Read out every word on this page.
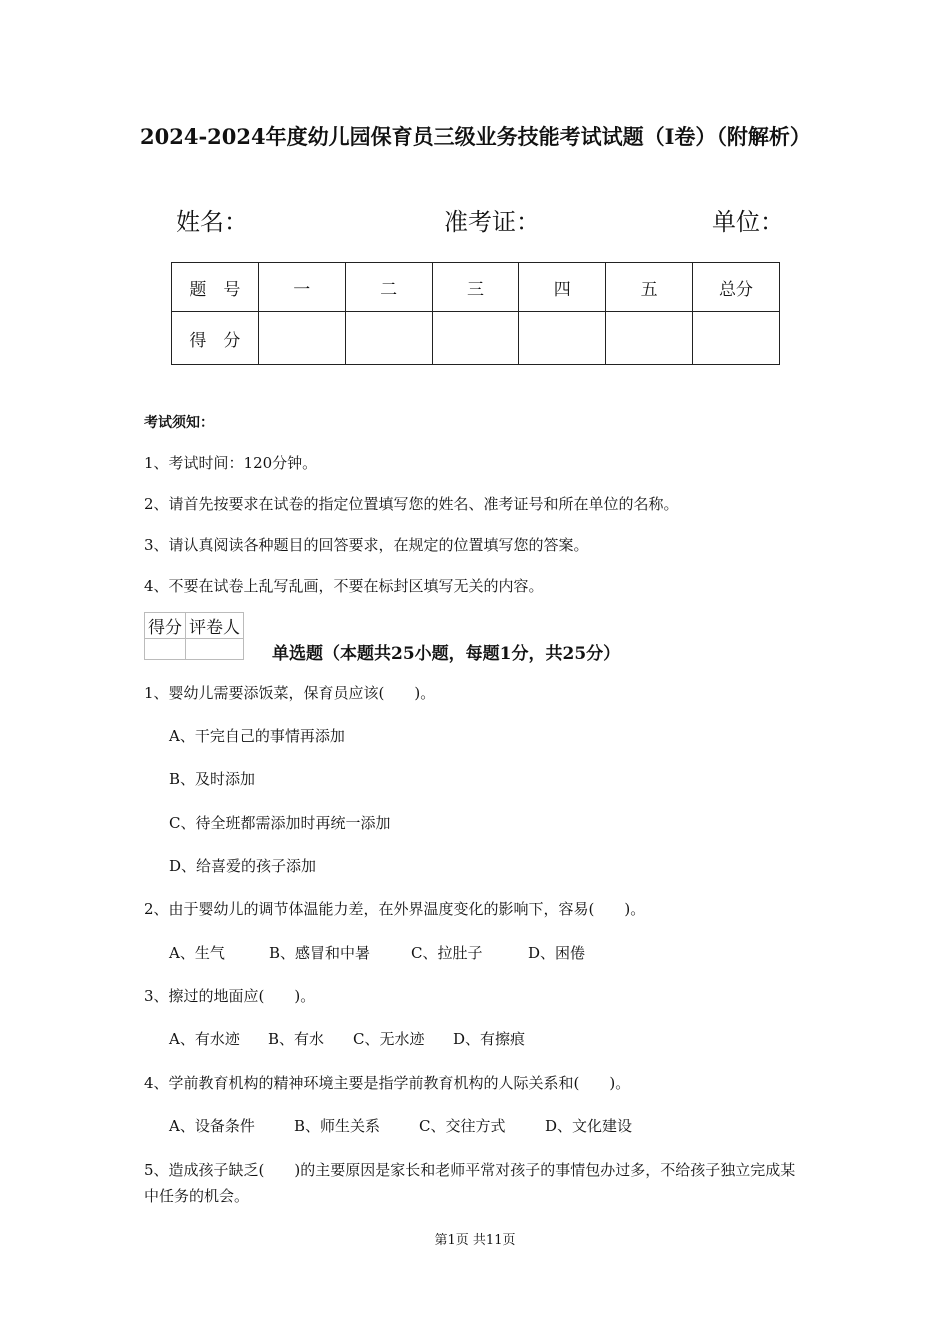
2024-2024年度幼儿园保育员三级业务技能考试试题（I卷）（附解析）
姓名：	准考证：	单位：
题　号	一	二	三	四	五	总分
得　分						
考试须知：
1、考试时间：120分钟。
2、请首先按要求在试卷的指定位置填写您的姓名、准考证号和所在单位的名称。
3、请认真阅读各种题目的回答要求，在规定的位置填写您的答案。
4、不要在试卷上乱写乱画，不要在标封区填写无关的内容。
得分	评卷人

单选题（本题共25小题，每题1分，共25分）
1、婴幼儿需要添饭菜，保育员应该(　　)。
A、干完自己的事情再添加
B、及时添加
C、待全班都需添加时再统一添加
D、给喜爱的孩子添加
2、由于婴幼儿的调节体温能力差，在外界温度变化的影响下，容易(　　)。
A、生气	B、感冒和中暑	C、拉肚子	D、困倦
3、擦过的地面应(　　)。
A、有水迹 B、有水 C、无水迹 D、有擦痕
4、学前教育机构的精神环境主要是指学前教育机构的人际关系和(　　)。
A、设备条件	B、师生关系	C、交往方式	D、文化建设
5、造成孩子缺乏(　　)的主要原因是家长和老师平常对孩子的事情包办过多，不给孩子独立完成某中任务的机会。
第1页 共11页
